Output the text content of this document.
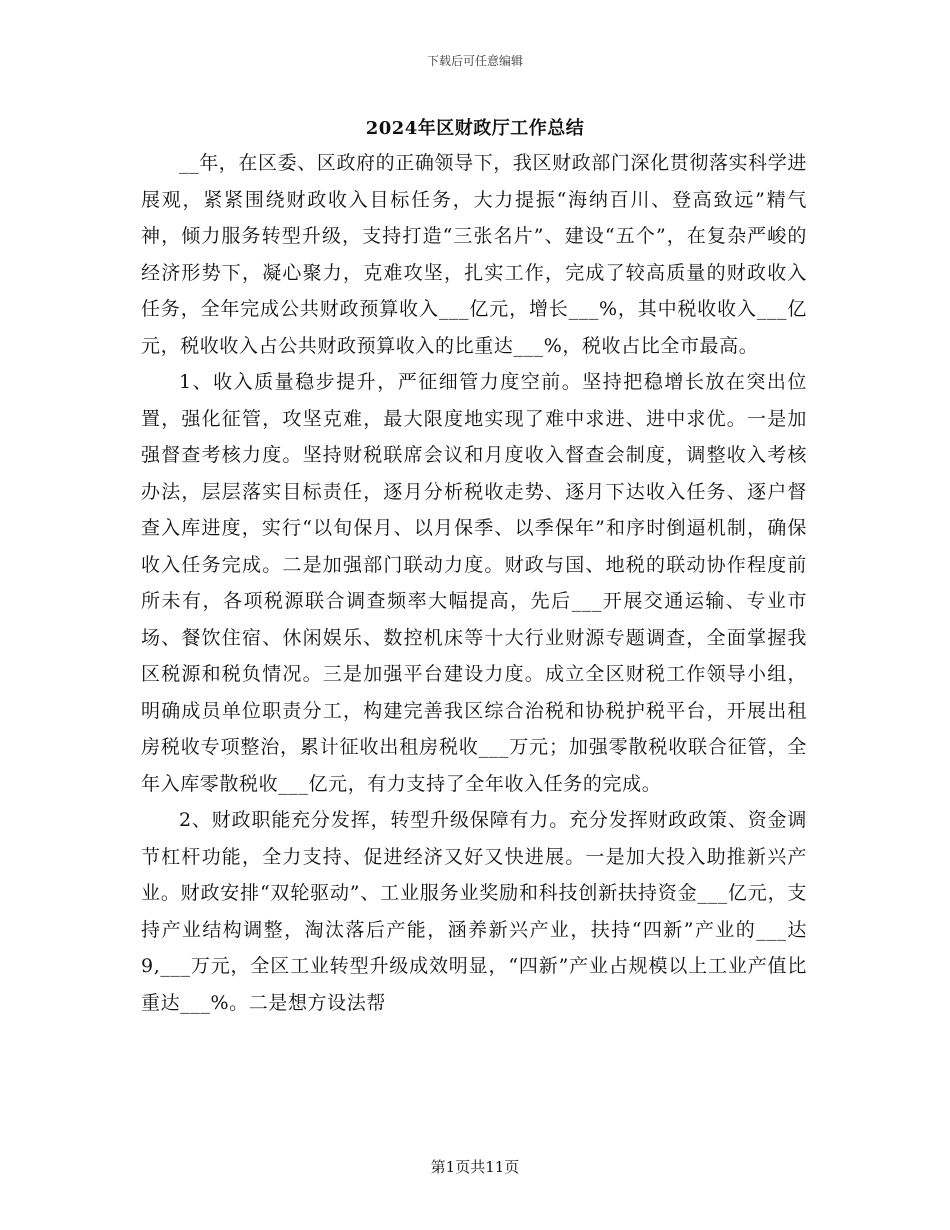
下载后可任意编辑
2024年区财政厅工作总结

__年，在区委、区政府的正确领导下，我区财政部门深化贯彻落实科学进展观，紧紧围绕财政收入目标任务，大力提振“海纳百川、登高致远”精气神，倾力服务转型升级，支持打造“三张名片”、建设“五个”，在复杂严峻的经济形势下，凝心聚力，克难攻坚，扎实工作，完成了较高质量的财政收入任务，全年完成公共财政预算收入___亿元，增长___%，其中税收收入___亿元，税收收入占公共财政预算收入的比重达___%，税收占比全市最高。

1、收入质量稳步提升，严征细管力度空前。坚持把稳增长放在突出位置，强化征管，攻坚克难，最大限度地实现了难中求进、进中求优。一是加强督查考核力度。坚持财税联席会议和月度收入督查会制度，调整收入考核办法，层层落实目标责任，逐月分析税收走势、逐月下达收入任务、逐户督查入库进度，实行“以旬保月、以月保季、以季保年”和序时倒逼机制，确保收入任务完成。二是加强部门联动力度。财政与国、地税的联动协作程度前所未有，各项税源联合调查频率大幅提高，先后___开展交通运输、专业市场、餐饮住宿、休闲娱乐、数控机床等十大行业财源专题调查，全面掌握我区税源和税负情况。三是加强平台建设力度。成立全区财税工作领导小组，明确成员单位职责分工，构建完善我区综合治税和协税护税平台，开展出租房税收专项整治，累计征收出租房税收___万元；加强零散税收联合征管，全年入库零散税收___亿元，有力支持了全年收入任务的完成。

2、财政职能充分发挥，转型升级保障有力。充分发挥财政政策、资金调节杠杆功能，全力支持、促进经济又好又快进展。一是加大投入助推新兴产业。财政安排“双轮驱动”、工业服务业奖励和科技创新扶持资金___亿元，支持产业结构调整，淘汰落后产能，涵养新兴产业，扶持“四新”产业的___达9,___万元，全区工业转型升级成效明显，“四新”产业占规模以上工业产值比重达___%。二是想方设法帮

第1页共11页
